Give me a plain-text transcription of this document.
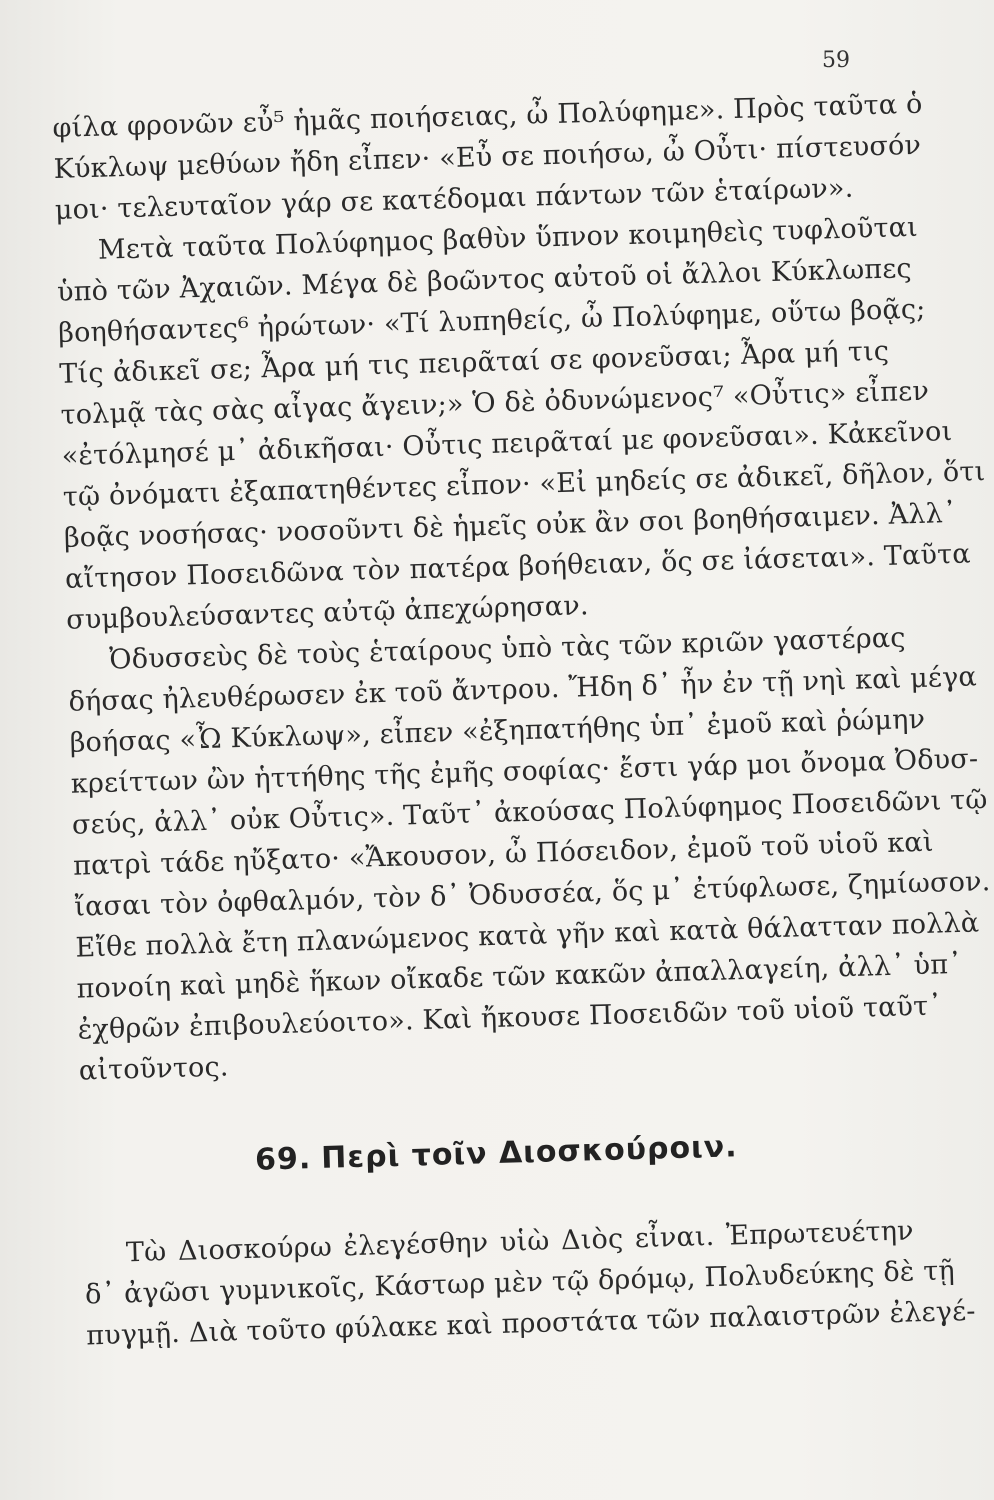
59
φίλα φρονῶν εὖ⁵ ἡμᾶς ποιήσειας, ὦ Πολύφημε». Πρὸς ταῦτα ὁ
Κύκλωψ μεθύων ἤδη εἶπεν· «Εὖ σε ποιήσω, ὦ Οὖτι· πίστευσόν
μοι· τελευταῖον γάρ σε κατέδομαι πάντων τῶν ἑταίρων».
Μετὰ ταῦτα Πολύφημος βαθὺν ὕπνον κοιμηθεὶς τυφλοῦται
ὑπὸ τῶν Ἀχαιῶν. Μέγα δὲ βοῶντος αὐτοῦ οἱ ἄλλοι Κύκλωπες
βοηθήσαντες⁶ ἠρώτων· «Τί λυπηθείς, ὦ Πολύφημε, οὕτω βοᾷς;
Τίς ἀδικεῖ σε; Ἆρα μή τις πειρᾶταί σε φονεῦσαι; Ἆρα μή τις
τολμᾷ τὰς σὰς αἶγας ἄγειν;» Ὁ δὲ ὀδυνώμενος⁷ «Οὖτις» εἶπεν
«ἐτόλμησέ μ᾽ ἀδικῆσαι· Οὖτις πειρᾶταί με φονεῦσαι». Κἀκεῖνοι
τῷ ὀνόματι ἐξαπατηθέντες εἶπον· «Εἰ μηδείς σε ἀδικεῖ, δῆλον, ὅτι
βοᾷς νοσήσας· νοσοῦντι δὲ ἡμεῖς οὐκ ἂν σοι βοηθήσαιμεν. Ἀλλ᾽
αἴτησον Ποσειδῶνα τὸν πατέρα βοήθειαν, ὅς σε ἰάσεται». Ταῦτα
συμβουλεύσαντες αὐτῷ ἀπεχώρησαν.
Ὀδυσσεὺς δὲ τοὺς ἑταίρους ὑπὸ τὰς τῶν κριῶν γαστέρας
δήσας ἠλευθέρωσεν ἐκ τοῦ ἄντρου. Ἤδη δ᾽ ἦν ἐν τῇ νηὶ καὶ μέγα
βοήσας «Ὦ Κύκλωψ», εἶπεν «ἐξηπατήθης ὑπ᾽ ἐμοῦ καὶ ῥώμην
κρείττων ὢν ἡττήθης τῆς ἐμῆς σοφίας· ἔστι γάρ μοι ὄνομα Ὀδυσ-
σεύς, ἀλλ᾽ οὐκ Οὖτις». Ταῦτ᾽ ἀκούσας Πολύφημος Ποσειδῶνι τῷ
πατρὶ τάδε ηὔξατο· «Ἄκουσον, ὦ Πόσειδον, ἐμοῦ τοῦ υἱοῦ καὶ
ἴασαι τὸν ὀφθαλμόν, τὸν δ᾽ Ὀδυσσέα, ὅς μ᾽ ἐτύφλωσε, ζημίωσον.
Εἴθε πολλὰ ἔτη πλανώμενος κατὰ γῆν καὶ κατὰ θάλατταν πολλὰ
πονοίη καὶ μηδὲ ἥκων οἴκαδε τῶν κακῶν ἀπαλλαγείη, ἀλλ᾽ ὑπ᾽
ἐχθρῶν ἐπιβουλεύοιτο». Καὶ ἤκουσε Ποσειδῶν τοῦ υἱοῦ ταῦτ᾽
αἰτοῦντος.
69. Περὶ τοῖν Διοσκούροιν.
Τὼ Διοσκούρω ἐλεγέσθην υἱὼ Διὸς εἶναι. Ἐπρωτευέτην
δ᾽ ἀγῶσι γυμνικοῖς, Κάστωρ μὲν τῷ δρόμῳ, Πολυδεύκης δὲ τῇ
πυγμῇ. Διὰ τοῦτο φύλακε καὶ προστάτα τῶν παλαιστρῶν ἐλεγέ-
